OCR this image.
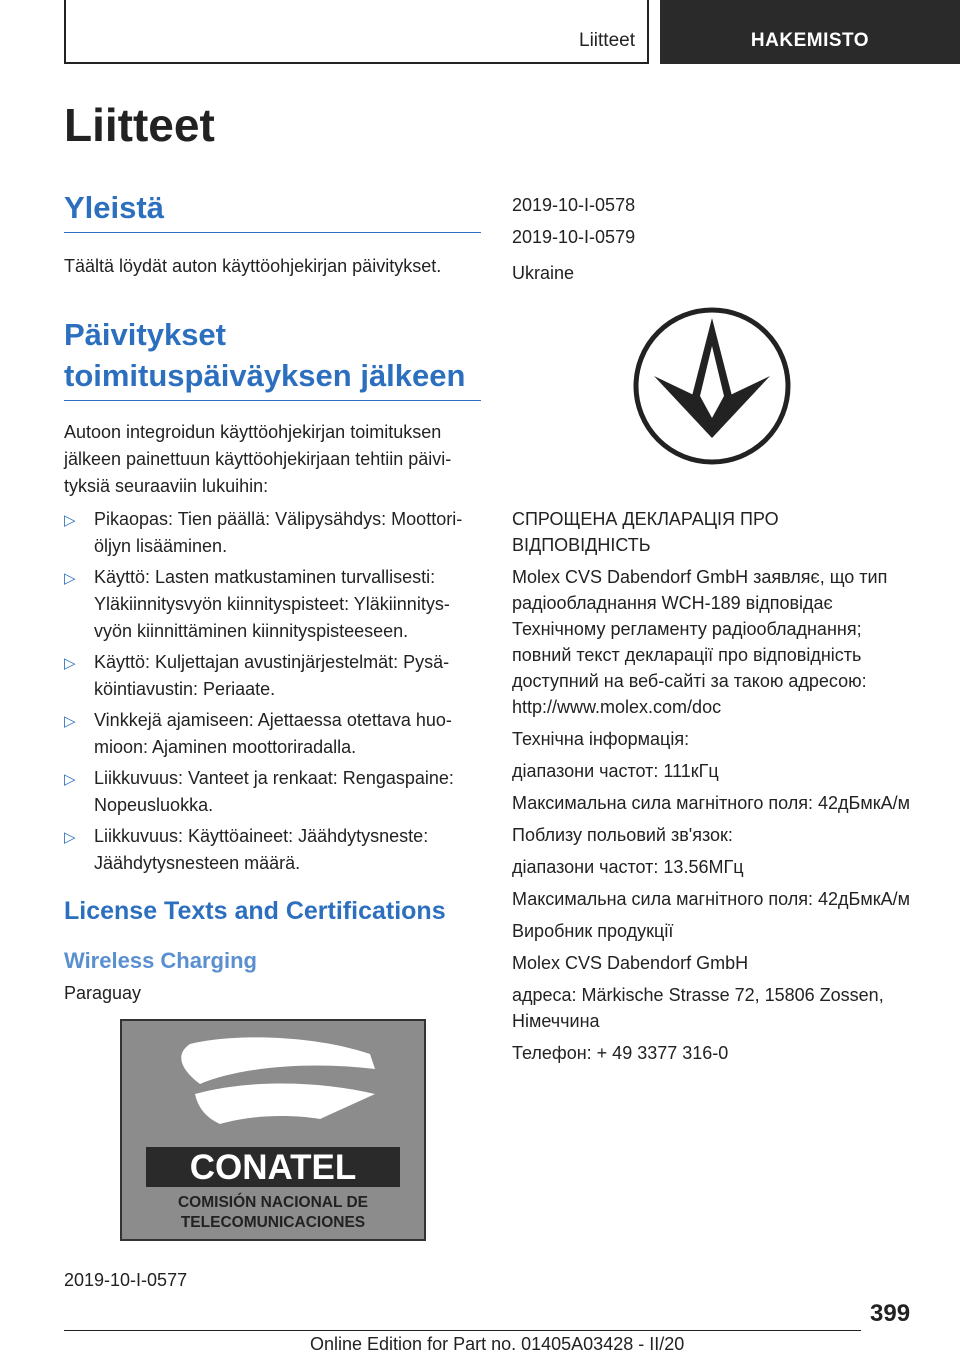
Liitteet	HAKEMISTO
Liitteet
Yleistä

Täältä löydät auton käyttöohjekirjan päivitykset.

Päivitykset toimituspäiväyksen jälkeen

Autoon integroidun käyttöohjekirjan toimituksen jälkeen painettuun käyttöohjekirjaan tehtiin päivityksiä seuraaviin lukuihin:

▷ Pikaopas: Tien päällä: Välipysähdys: Moottoriöljyn lisääminen.
▷ Käyttö: Lasten matkustaminen turvallisesti: Yläkiinnitysvyön kiinnityspisteet: Yläkiinnitysvyön kiinnittäminen kiinnityspisteeseen.
▷ Käyttö: Kuljettajan avustinjärjestelmät: Pysäköintiavustin: Periaate.
▷ Vinkkejä ajamiseen: Ajettaessa otettava huomioon: Ajaminen moottoriradalla.
▷ Liikkuvuus: Vanteet ja renkaat: Rengaspaine: Nopeusluokka.
▷ Liikkuvuus: Käyttöaineet: Jäähdytysneste: Jäähdytysnesteen määrä.
License Texts and Certifications
Wireless Charging

Paraguay

CONATEL
COMISIÓN NACIONAL DE
TELECOMUNICACIONES

2019-10-I-0577

2019-10-I-0578

2019-10-I-0579

Ukraine

СПРОЩЕНА ДЕКЛАРАЦІЯ ПРО ВІДПОВІДНІСТЬ

Molex CVS Dabendorf GmbH заявляє, що тип радіообладнання WCH-189 відповідає Технічному регламенту радіообладнання; повний текст декларації про відповідність доступний на веб-сайті за такою адресою: http://www.molex.com/doc

Технічна інформація:

діапазони частот: 111кГц

Максимальна сила магнітного поля: 42дБмкА/м

Поблизу польовий зв'язок:

діапазони частот: 13.56МГц

Максимальна сила магнітного поля: 42дБмкА/м

Виробник продукції

Molex CVS Dabendorf GmbH

адреса: Märkische Strasse 72, 15806 Zossen, Німеччина

Телефон: + 49 3377 316-0

399
Online Edition for Part no. 01405A03428 - II/20
